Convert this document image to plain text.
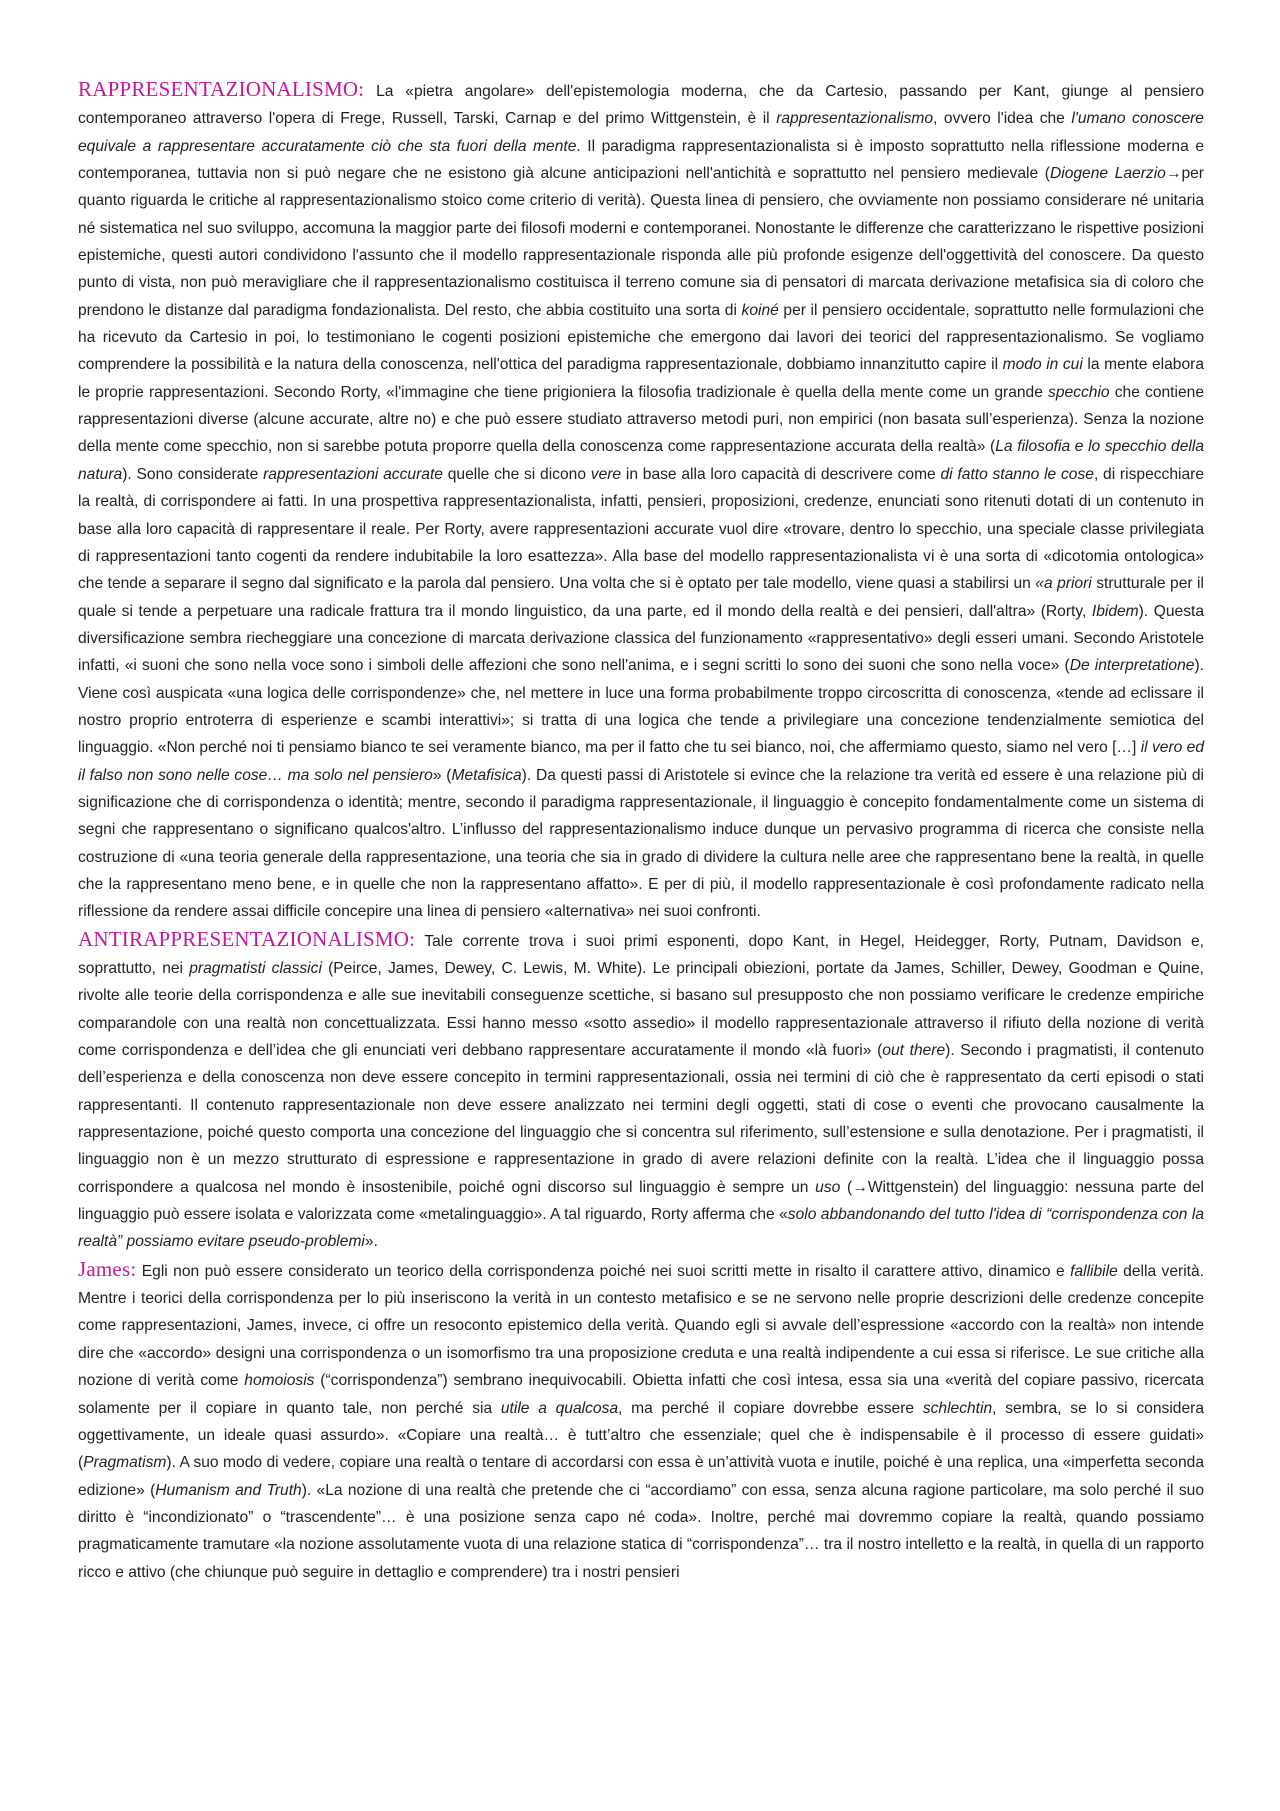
RAPPRESENTAZIONALISMO: La «pietra angolare» dell'epistemologia moderna, che da Cartesio, passando per Kant, giunge al pensiero contemporaneo attraverso l'opera di Frege, Russell, Tarski, Carnap e del primo Wittgenstein, è il rappresentazionalismo, ovvero l'idea che l'umano conoscere equivale a rappresentare accuratamente ciò che sta fuori della mente. Il paradigma rappresentazionalista si è imposto soprattutto nella riflessione moderna e contemporanea, tuttavia non si può negare che ne esistono già alcune anticipazioni nell'antichità e soprattutto nel pensiero medievale (Diogene Laerzio→per quanto riguarda le critiche al rappresentazionalismo stoico come criterio di verità). Questa linea di pensiero, che ovviamente non possiamo considerare né unitaria né sistematica nel suo sviluppo, accomuna la maggior parte dei filosofi moderni e contemporanei. Nonostante le differenze che caratterizzano le rispettive posizioni epistemiche, questi autori condividono l'assunto che il modello rappresentazionale risponda alle più profonde esigenze dell'oggettività del conoscere. Da questo punto di vista, non può meravigliare che il rappresentazionalismo costituisca il terreno comune sia di pensatori di marcata derivazione metafisica sia di coloro che prendono le distanze dal paradigma fondazionalista. Del resto, che abbia costituito una sorta di koiné per il pensiero occidentale, soprattutto nelle formulazioni che ha ricevuto da Cartesio in poi, lo testimoniano le cogenti posizioni epistemiche che emergono dai lavori dei teorici del rappresentazionalismo. Se vogliamo comprendere la possibilità e la natura della conoscenza, nell'ottica del paradigma rappresentazionale, dobbiamo innanzitutto capire il modo in cui la mente elabora le proprie rappresentazioni. Secondo Rorty, «l'immagine che tiene prigioniera la filosofia tradizionale è quella della mente come un grande specchio che contiene rappresentazioni diverse (alcune accurate, altre no) e che può essere studiato attraverso metodi puri, non empirici (non basata sull’esperienza). Senza la nozione della mente come specchio, non si sarebbe potuta proporre quella della conoscenza come rappresentazione accurata della realtà» (La filosofia e lo specchio della natura). Sono considerate rappresentazioni accurate quelle che si dicono vere in base alla loro capacità di descrivere come di fatto stanno le cose, di rispecchiare la realtà, di corrispondere ai fatti. In una prospettiva rappresentazionalista, infatti, pensieri, proposizioni, credenze, enunciati sono ritenuti dotati di un contenuto in base alla loro capacità di rappresentare il reale. Per Rorty, avere rappresentazioni accurate vuol dire «trovare, dentro lo specchio, una speciale classe privilegiata di rappresentazioni tanto cogenti da rendere indubitabile la loro esattezza». Alla base del modello rappresentazionalista vi è una sorta di «dicotomia ontologica» che tende a separare il segno dal significato e la parola dal pensiero. Una volta che si è optato per tale modello, viene quasi a stabilirsi un «a priori strutturale per il quale si tende a perpetuare una radicale frattura tra il mondo linguistico, da una parte, ed il mondo della realtà e dei pensieri, dall'altra» (Rorty, Ibidem). Questa diversificazione sembra riecheggiare una concezione di marcata derivazione classica del funzionamento «rappresentativo» degli esseri umani. Secondo Aristotele infatti, «i suoni che sono nella voce sono i simboli delle affezioni che sono nell'anima, e i segni scritti lo sono dei suoni che sono nella voce» (De interpretatione). Viene così auspicata «una logica delle corrispondenze» che, nel mettere in luce una forma probabilmente troppo circoscritta di conoscenza, «tende ad eclissare il nostro proprio entroterra di esperienze e scambi interattivi»; si tratta di una logica che tende a privilegiare una concezione tendenzialmente semiotica del linguaggio. «Non perché noi ti pensiamo bianco te sei veramente bianco, ma per il fatto che tu sei bianco, noi, che affermiamo questo, siamo nel vero […] il vero ed il falso non sono nelle cose… ma solo nel pensiero» (Metafisica). Da questi passi di Aristotele si evince che la relazione tra verità ed essere è una relazione più di significazione che di corrispondenza o identità; mentre, secondo il paradigma rappresentazionale, il linguaggio è concepito fondamentalmente come un sistema di segni che rappresentano o significano qualcos'altro. L’influsso del rappresentazionalismo induce dunque un pervasivo programma di ricerca che consiste nella costruzione di «una teoria generale della rappresentazione, una teoria che sia in grado di dividere la cultura nelle aree che rappresentano bene la realtà, in quelle che la rappresentano meno bene, e in quelle che non la rappresentano affatto». E per di più, il modello rappresentazionale è così profondamente radicato nella riflessione da rendere assai difficile concepire una linea di pensiero «alternativa» nei suoi confronti.

ANTIRAPPRESENTAZIONALISMO: Tale corrente trova i suoi primi esponenti, dopo Kant, in Hegel, Heidegger, Rorty, Putnam, Davidson e, soprattutto, nei pragmatisti classici (Peirce, James, Dewey, C. Lewis, M. White). Le principali obiezioni, portate da James, Schiller, Dewey, Goodman e Quine, rivolte alle teorie della corrispondenza e alle sue inevitabili conseguenze scettiche, si basano sul presupposto che non possiamo verificare le credenze empiriche comparandole con una realtà non concettualizzata. Essi hanno messo «sotto assedio» il modello rappresentazionale attraverso il rifiuto della nozione di verità come corrispondenza e dell’idea che gli enunciati veri debbano rappresentare accuratamente il mondo «là fuori» (out there). Secondo i pragmatisti, il contenuto dell’esperienza e della conoscenza non deve essere concepito in termini rappresentazionali, ossia nei termini di ciò che è rappresentato da certi episodi o stati rappresentanti. Il contenuto rappresentazionale non deve essere analizzato nei termini degli oggetti, stati di cose o eventi che provocano causalmente la rappresentazione, poiché questo comporta una concezione del linguaggio che si concentra sul riferimento, sull’estensione e sulla denotazione. Per i pragmatisti, il linguaggio non è un mezzo strutturato di espressione e rappresentazione in grado di avere relazioni definite con la realtà. L’idea che il linguaggio possa corrispondere a qualcosa nel mondo è insostenibile, poiché ogni discorso sul linguaggio è sempre un uso (→Wittgenstein) del linguaggio: nessuna parte del linguaggio può essere isolata e valorizzata come «metalinguaggio». A tal riguardo, Rorty afferma che «solo abbandonando del tutto l'idea di “corrispondenza con la realtà” possiamo evitare pseudo-problemi».

James: Egli non può essere considerato un teorico della corrispondenza poiché nei suoi scritti mette in risalto il carattere attivo, dinamico e fallibile della verità. Mentre i teorici della corrispondenza per lo più inseriscono la verità in un contesto metafisico e se ne servono nelle proprie descrizioni delle credenze concepite come rappresentazioni, James, invece, ci offre un resoconto epistemico della verità. Quando egli si avvale dell’espressione «accordo con la realtà» non intende dire che «accordo» designi una corrispondenza o un isomorfismo tra una proposizione creduta e una realtà indipendente a cui essa si riferisce. Le sue critiche alla nozione di verità come homoiosis (“corrispondenza”) sembrano inequivocabili. Obietta infatti che così intesa, essa sia una «verità del copiare passivo, ricercata solamente per il copiare in quanto tale, non perché sia utile a qualcosa, ma perché il copiare dovrebbe essere schlechtin, sembra, se lo si considera oggettivamente, un ideale quasi assurdo». «Copiare una realtà… è tutt’altro che essenziale; quel che è indispensabile è il processo di essere guidati» (Pragmatism). A suo modo di vedere, copiare una realtà o tentare di accordarsi con essa è un’attività vuota e inutile, poiché è una replica, una «imperfetta seconda edizione» (Humanism and Truth). «La nozione di una realtà che pretende che ci “accordiamo” con essa, senza alcuna ragione particolare, ma solo perché il suo diritto è “incondizionato” o “trascendente”… è una posizione senza capo né coda». Inoltre, perché mai dovremmo copiare la realtà, quando possiamo pragmaticamente tramutare «la nozione assolutamente vuota di una relazione statica di “corrispondenza”… tra il nostro intelletto e la realtà, in quella di un rapporto ricco e attivo (che chiunque può seguire in dettaglio e comprendere) tra i nostri pensieri
